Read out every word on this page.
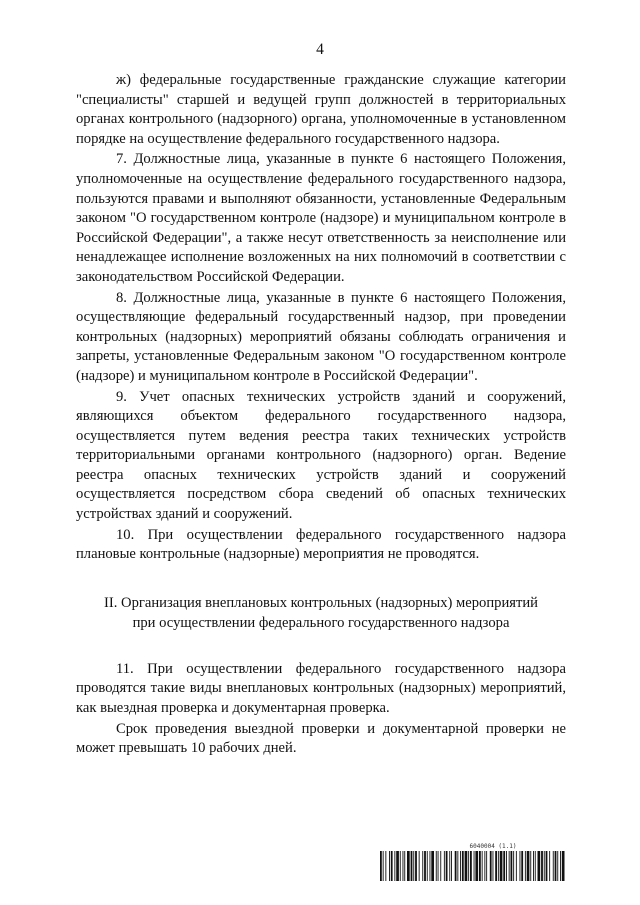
4

ж) федеральные государственные гражданские служащие категории "специалисты" старшей и ведущей групп должностей в территориальных органах контрольного (надзорного) органа, уполномоченные в установленном порядке на осуществление федерального государственного надзора.

7. Должностные лица, указанные в пункте 6 настоящего Положения, уполномоченные на осуществление федерального государственного надзора, пользуются правами и выполняют обязанности, установленные Федеральным законом "О государственном контроле (надзоре) и муниципальном контроле в Российской Федерации", а также несут ответственность за неисполнение или ненадлежащее исполнение возложенных на них полномочий в соответствии с законодательством Российской Федерации.

8. Должностные лица, указанные в пункте 6 настоящего Положения, осуществляющие федеральный государственный надзор, при проведении контрольных (надзорных) мероприятий обязаны соблюдать ограничения и запреты, установленные Федеральным законом "О государственном контроле (надзоре) и муниципальном контроле в Российской Федерации".

9. Учет опасных технических устройств зданий и сооружений, являющихся объектом федерального государственного надзора, осуществляется путем ведения реестра таких технических устройств территориальными органами контрольного (надзорного) орган. Ведение реестра опасных технических устройств зданий и сооружений осуществляется посредством сбора сведений об опасных технических устройствах зданий и сооружений.

10. При осуществлении федерального государственного надзора плановые контрольные (надзорные) мероприятия не проводятся.

II. Организация внеплановых контрольных (надзорных) мероприятий
при осуществлении федерального государственного надзора

11. При осуществлении федерального государственного надзора проводятся такие виды внеплановых контрольных (надзорных) мероприятий, как выездная проверка и документарная проверка.

Срок проведения выездной проверки и документарной проверки не может превышать 10 рабочих дней.

6040004 (1.1)
